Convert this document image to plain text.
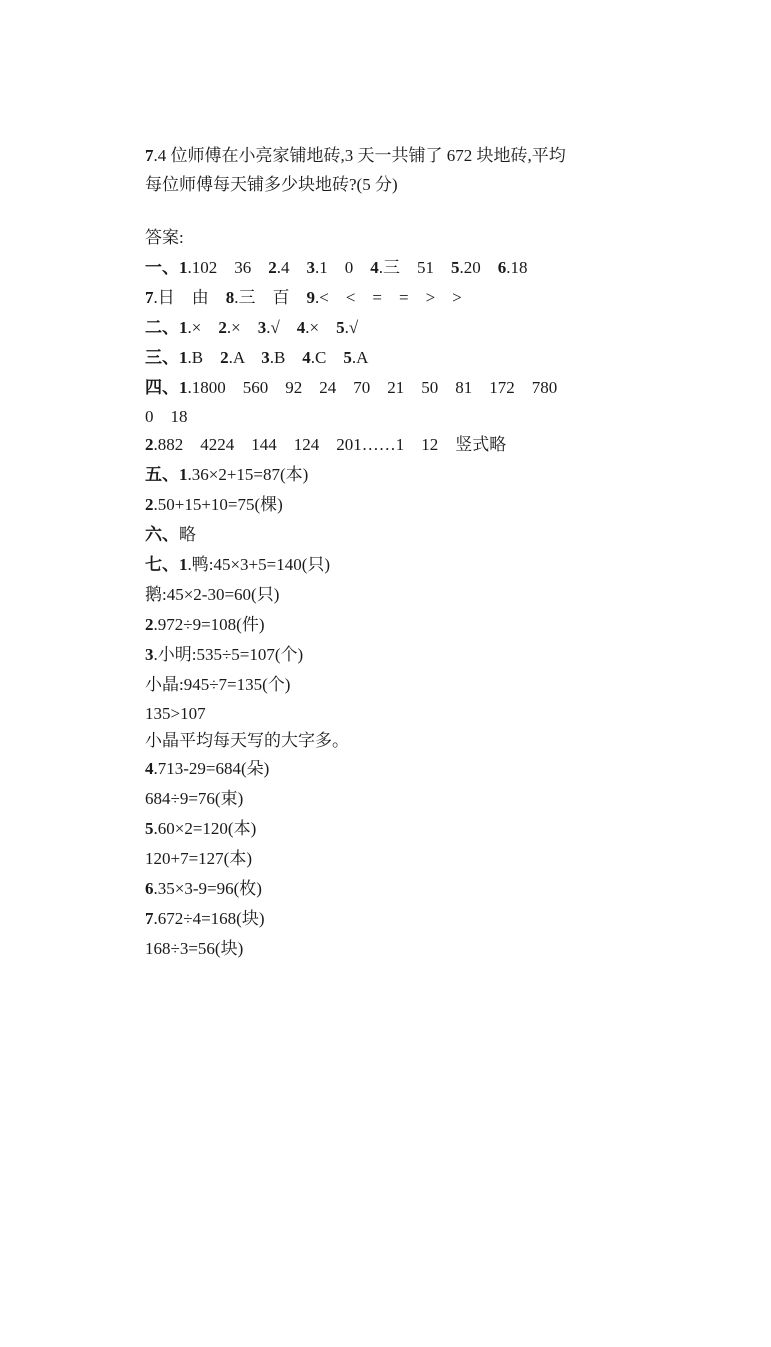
7.4 位师傅在小亮家铺地砖,3 天一共铺了 672 块地砖,平均

每位师傅每天铺多少块地砖?(5 分)

答案:
一、1.102    36    2.4    3.1    0    4.三    51    5.20    6.18
7.日    由    8.三    百    9.<    <    =    =    >    >
二、1.×    2.×    3.√    4.×    5.√
三、1.B    2.A    3.B    4.C    5.A
四、1.1800    560    92    24    70    21    50    81    172    780
0    18
2.882    4224    144    124    201……1    12    竖式略
五、1.36×2+15=87(本)
2.50+15+10=75(棵)
六、略
七、1.鸭:45×3+5=140(只)
鹅:45×2-30=60(只)
2.972÷9=108(件)
3.小明:535÷5=107(个)
小晶:945÷7=135(个)
135>107
小晶平均每天写的大字多。
4.713-29=684(朵)
684÷9=76(束)
5.60×2=120(本)
120+7=127(本)
6.35×3-9=96(枚)
7.672÷4=168(块)
168÷3=56(块)
